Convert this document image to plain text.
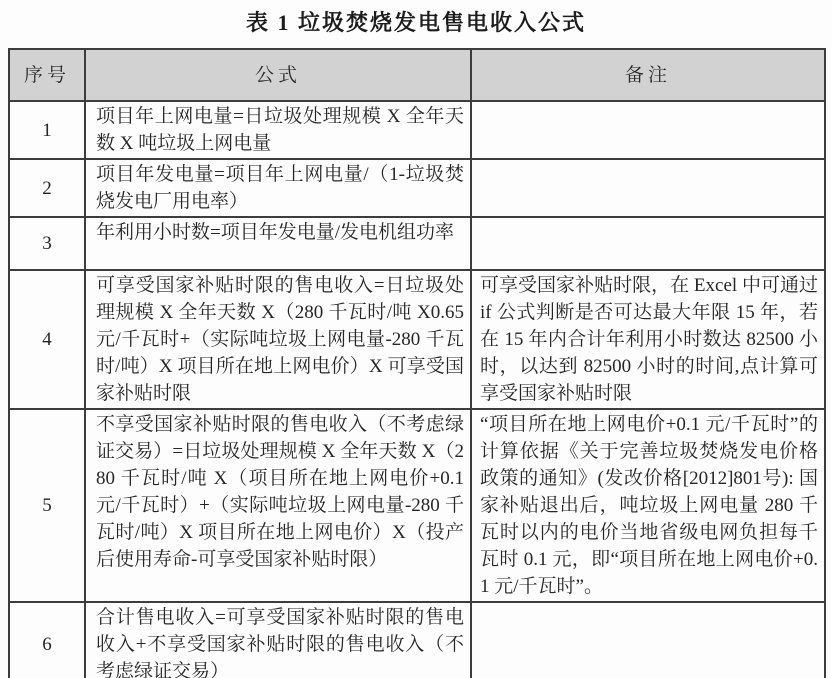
表 1 垃圾焚烧发电售电收入公式
序号	公式	备注
1	项目年上网电量=日垃圾处理规模 X 全年天数 X 吨垃圾上网电量	
2	项目年发电量=项目年上网电量/（1-垃圾焚烧发电厂用电率）	
3	年利用小时数=项目年发电量/发电机组功率	
4	可享受国家补贴时限的售电收入=日垃圾处理规模 X 全年天数 X（280 千瓦时/吨 X0.65 元/千瓦时+（实际吨垃圾上网电量-280 千瓦时/吨）X 项目所在地上网电价）X 可享受国家补贴时限	可享受国家补贴时限，在 Excel 中可通过 if 公式判断是否可达最大年限 15 年，若在 15 年内合计年利用小时数达 82500 小时，以达到 82500 小时的时间,点计算可享受国家补贴时限
5	不享受国家补贴时限的售电收入（不考虑绿证交易）=日垃圾处理规模 X 全年天数 X（280 千瓦时/吨 X（项目所在地上网电价+0.1 元/千瓦时）+（实际吨垃圾上网电量-280 千瓦时/吨）X 项目所在地上网电价）X（投产后使用寿命-可享受国家补贴时限）	“项目所在地上网电价+0.1 元/千瓦时”的计算依据《关于完善垃圾焚烧发电价格政策的通知》(发改价格[2012]801号): 国家补贴退出后，吨垃圾上网电量 280 千瓦时以内的电价当地省级电网负担每千瓦时 0.1 元，即“项目所在地上网电价+0.1 元/千瓦时”。
6	合计售电收入=可享受国家补贴时限的售电收入+不享受国家补贴时限的售电收入（不考虑绿证交易）	
